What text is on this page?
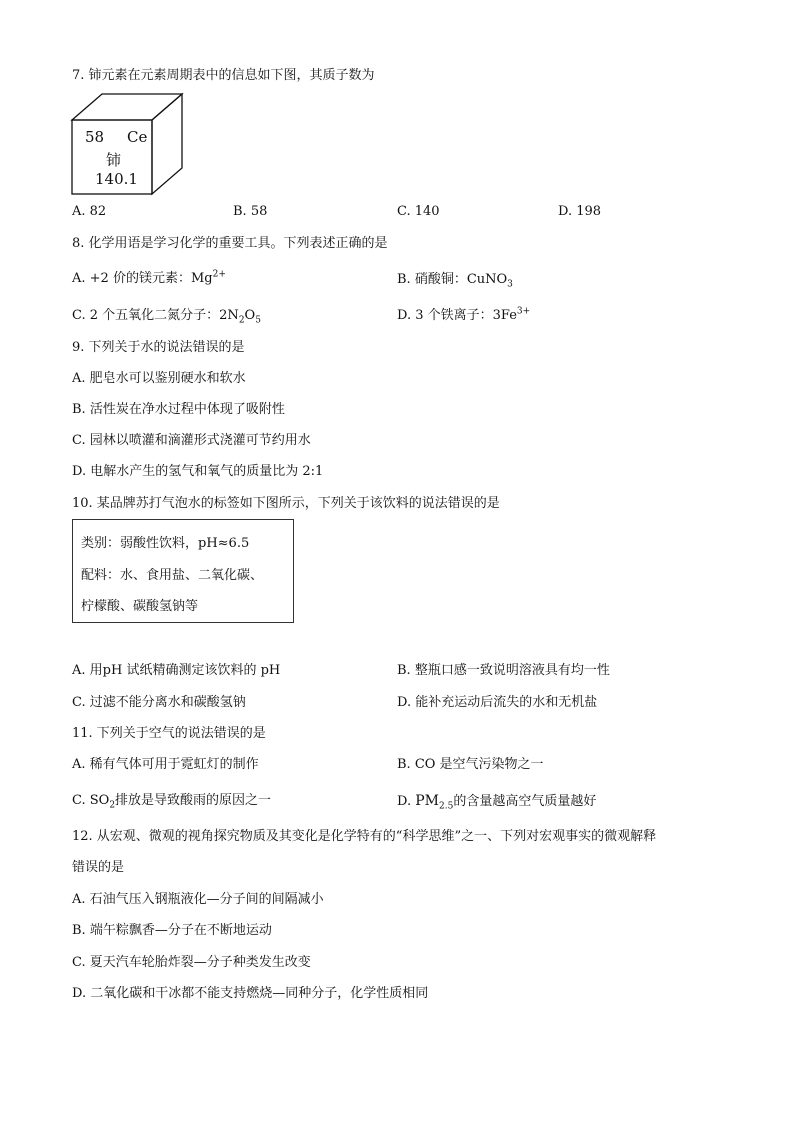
7. 铈元素在元素周期表中的信息如下图，其质子数为
58 Ce
铈
140.1
A. 82	B. 58	C. 140	D. 198
8. 化学用语是学习化学的重要工具。下列表述正确的是
A. +2 价的镁元素：$Mg^{2+}$	B. 硝酸铜：CuNO$_3$
C. 2 个五氧化二氮分子：$2N_2O_5$	D. 3 个铁离子：$3Fe^{3+}$
9. 下列关于水的说法错误的是
A. 肥皂水可以鉴别硬水和软水
B. 活性炭在净水过程中体现了吸附性
C. 园林以喷灌和滴灌形式浇灌可节约用水
D. 电解水产生的氢气和氧气的质量比为 2:1
10. 某品牌苏打气泡水的标签如下图所示，下列关于该饮料的说法错误的是
类别：弱酸性饮料，pH≈6.5
配料：水、食用盐、二氧化碳、
柠檬酸、碳酸氢钠等
A. 用pH 试纸精确测定该饮料的 pH	B. 整瓶口感一致说明溶液具有均一性
C. 过滤不能分离水和碳酸氢钠	D. 能补充运动后流失的水和无机盐
11. 下列关于空气的说法错误的是
A. 稀有气体可用于霓虹灯的制作	B. CO 是空气污染物之一
C. $SO_2$排放是导致酸雨的原因之一	D. $PM_{2.5}$的含量越高空气质量越好
12. 从宏观、微观的视角探究物质及其变化是化学特有的“科学思维”之一、下列对宏观事实的微观解释
错误的是
A. 石油气压入钢瓶液化—分子间的间隔减小
B. 端午粽飘香—分子在不断地运动
C. 夏天汽车轮胎炸裂—分子种类发生改变
D. 二氧化碳和干冰都不能支持燃烧—同种分子，化学性质相同
